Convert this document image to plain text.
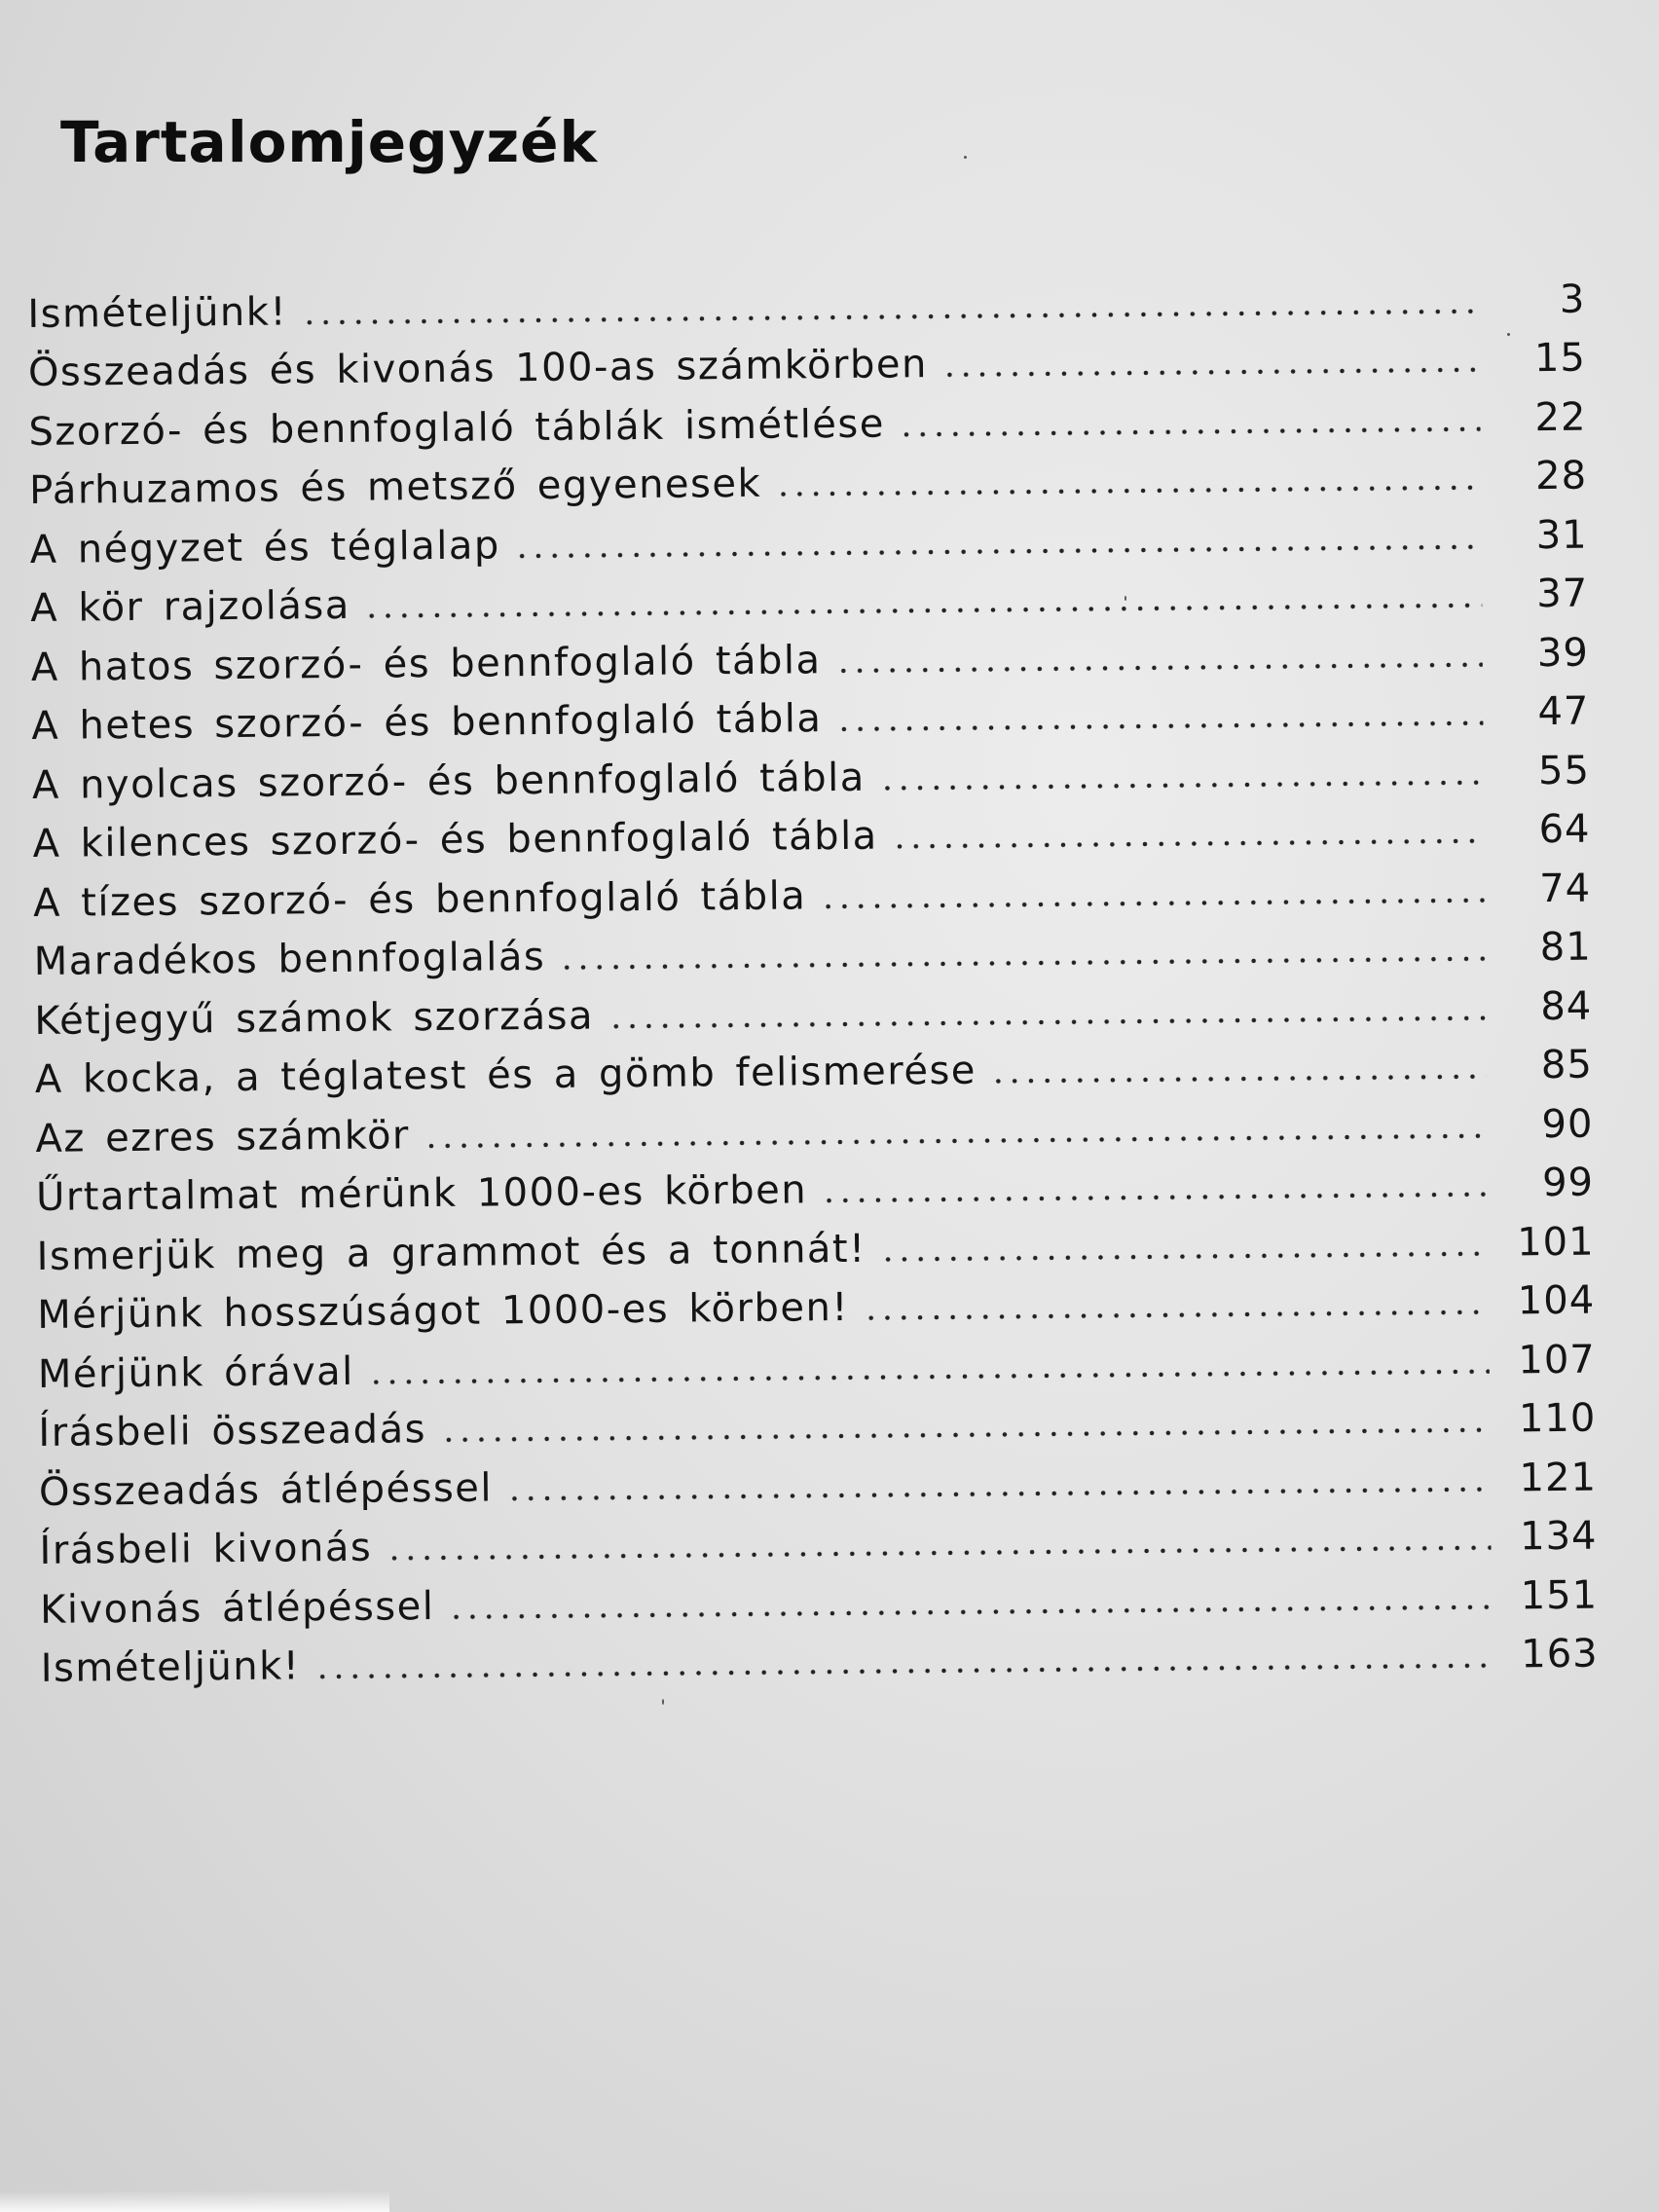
Tartalomjegyzék
Ismételjünk!	3
Összeadás és kivonás 100-as számkörben	15
Szorzó- és bennfoglaló táblák ismétlése	22
Párhuzamos és metsző egyenesek	28
A négyzet és téglalap	31
A kör rajzolása	37
A hatos szorzó- és bennfoglaló tábla	39
A hetes szorzó- és bennfoglaló tábla	47
A nyolcas szorzó- és bennfoglaló tábla	55
A kilences szorzó- és bennfoglaló tábla	64
A tízes szorzó- és bennfoglaló tábla	74
Maradékos bennfoglalás	81
Kétjegyű számok szorzása	84
A kocka, a téglatest és a gömb felismerése	85
Az ezres számkör	90
Űrtartalmat mérünk 1000-es körben	99
Ismerjük meg a grammot és a tonnát!	101
Mérjünk hosszúságot 1000-es körben!	104
Mérjünk órával	107
Írásbeli összeadás	110
Összeadás átlépéssel	121
Írásbeli kivonás	134
Kivonás átlépéssel	151
Ismételjünk!	163
